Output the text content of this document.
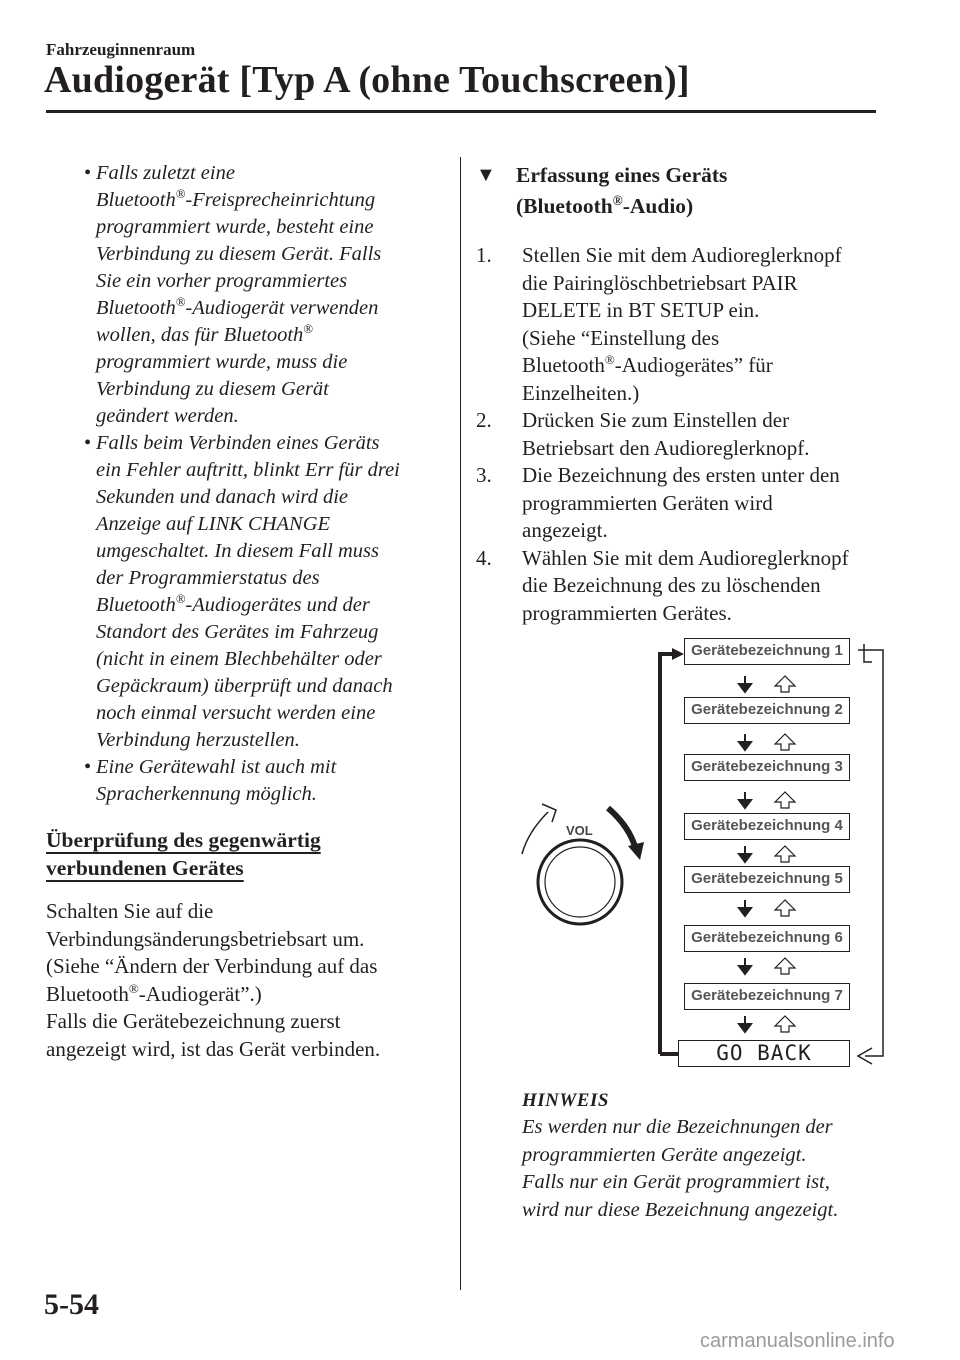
Fahrzeuginnenraum
Audiogerät [Typ A (ohne Touchscreen)]
• Falls zuletzt eine
Bluetooth®-Freisprecheinrichtung
programmiert wurde, besteht eine
Verbindung zu diesem Gerät. Falls
Sie ein vorher programmiertes
Bluetooth®-Audiogerät verwenden
wollen, das für Bluetooth®
programmiert wurde, muss die
Verbindung zu diesem Gerät
geändert werden.
• Falls beim Verbinden eines Geräts
ein Fehler auftritt, blinkt Err für drei
Sekunden und danach wird die
Anzeige auf LINK CHANGE
umgeschaltet. In diesem Fall muss
der Programmierstatus des
Bluetooth®-Audiogerätes und der
Standort des Gerätes im Fahrzeug
(nicht in einem Blechbehälter oder
Gepäckraum) überprüft und danach
noch einmal versucht werden eine
Verbindung herzustellen.
• Eine Gerätewahl ist auch mit
Spracherkennung möglich.
Überprüfung des gegenwärtig
verbundenen Gerätes
Schalten Sie auf die
Verbindungsänderungsbetriebsart um.
(Siehe “Ändern der Verbindung auf das
Bluetooth®-Audiogerät”.)
Falls die Gerätebezeichnung zuerst
angezeigt wird, ist das Gerät verbinden.
▼ Erfassung eines Geräts
(Bluetooth®-Audio)
1. Stellen Sie mit dem Audioreglerknopf
die Pairinglöschbetriebsart PAIR
DELETE in BT SETUP ein.
(Siehe “Einstellung des
Bluetooth®-Audiogerätes” für
Einzelheiten.)
2. Drücken Sie zum Einstellen der
Betriebsart den Audioreglerknopf.
3. Die Bezeichnung des ersten unter den
programmierten Geräten wird
angezeigt.
4. Wählen Sie mit dem Audioreglerknopf
die Bezeichnung des zu löschenden
programmierten Gerätes.
VOL
Gerätebezeichnung 1
Gerätebezeichnung 2
Gerätebezeichnung 3
Gerätebezeichnung 4
Gerätebezeichnung 5
Gerätebezeichnung 6
Gerätebezeichnung 7
GO BACK
HINWEIS
Es werden nur die Bezeichnungen der
programmierten Geräte angezeigt.
Falls nur ein Gerät programmiert ist,
wird nur diese Bezeichnung angezeigt.
5-54
carmanualsonline.info
